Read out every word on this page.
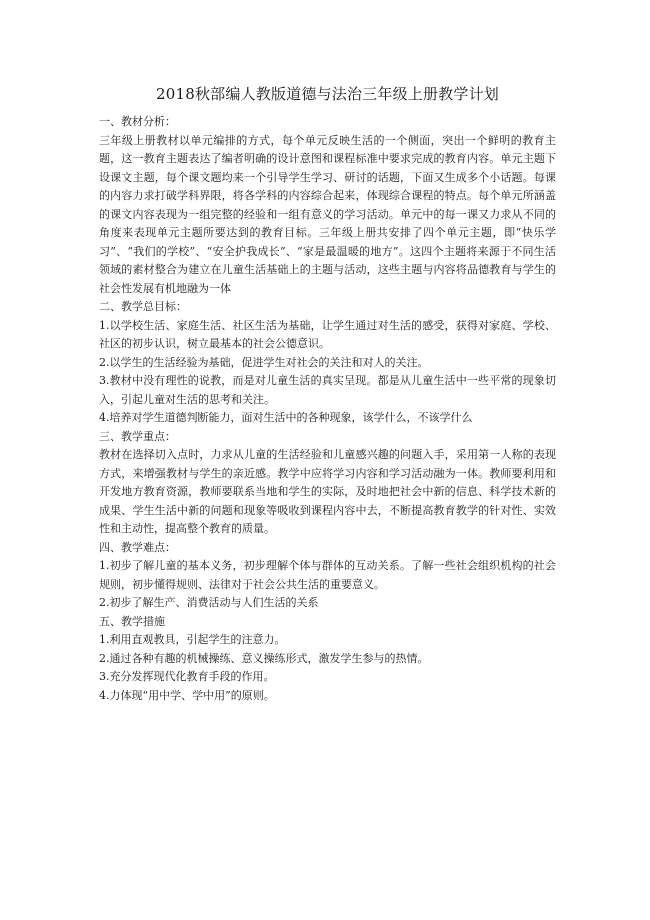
2018秋部编人教版道德与法治三年级上册教学计划

一、教材分析：

三年级上册教材以单元编排的方式，每个单元反映生活的一个侧面，突出一个鲜明的教育主题，这一教育主题表达了编者明确的设计意图和课程标准中要求完成的教育内容。单元主题下设课文主题，每个课文题均来一个引导学生学习、研讨的话题，下面又生成多个小话题。每课的内容力求打破学科界限，将各学科的内容综合起来，体现综合课程的特点。每个单元所涵盖的课文内容表现为一组完整的经验和一组有意义的学习活动。单元中的每一课又力求从不同的角度来表现单元主题所要达到的教育目标。三年级上册共安排了四个单元主题，即“快乐学习”、“我们的学校”、“安全护我成长”、“家是最温暖的地方”。这四个主题将来源于不同生活领域的素材整合为建立在儿童生活基础上的主题与活动，这些主题与内容将品德教育与学生的社会性发展有机地融为一体

二、教学总目标：

1.以学校生活、家庭生活、社区生活为基础，让学生通过对生活的感受，获得对家庭、学校、社区的初步认识，树立最基本的社会公德意识。

2.以学生的生活经验为基础，促进学生对社会的关注和对人的关注。

3.教材中没有理性的说教，而是对儿童生活的真实呈现。都是从儿童生活中一些平常的现象切入，引起儿童对生活的思考和关注。

4.培养对学生道德判断能力，面对生活中的各种现象，该学什么，不该学什么

三、教学重点：

教材在选择切入点时，力求从儿童的生活经验和儿童感兴趣的问题入手，采用第一人称的表现方式，来增强教材与学生的亲近感。教学中应将学习内容和学习活动融为一体。教师要利用和开发地方教育资源，教师要联系当地和学生的实际，及时地把社会中新的信息、科学技术新的成果、学生生活中新的问题和现象等吸收到课程内容中去，不断提高教育教学的针对性、实效性和主动性，提高整个教育的质量。

四、教学难点：

1.初步了解儿童的基本义务，初步理解个体与群体的互动关系。了解一些社会组织机构的社会规则，初步懂得规则、法律对于社会公共生活的重要意义。

2.初步了解生产、消费活动与人们生活的关系

五、教学措施

1.利用直观教具，引起学生的注意力。

2.通过各种有趣的机械操练、意义操练形式，激发学生参与的热情。

3.充分发挥现代化教育手段的作用。

4.力体现“用中学、学中用”的原则。
